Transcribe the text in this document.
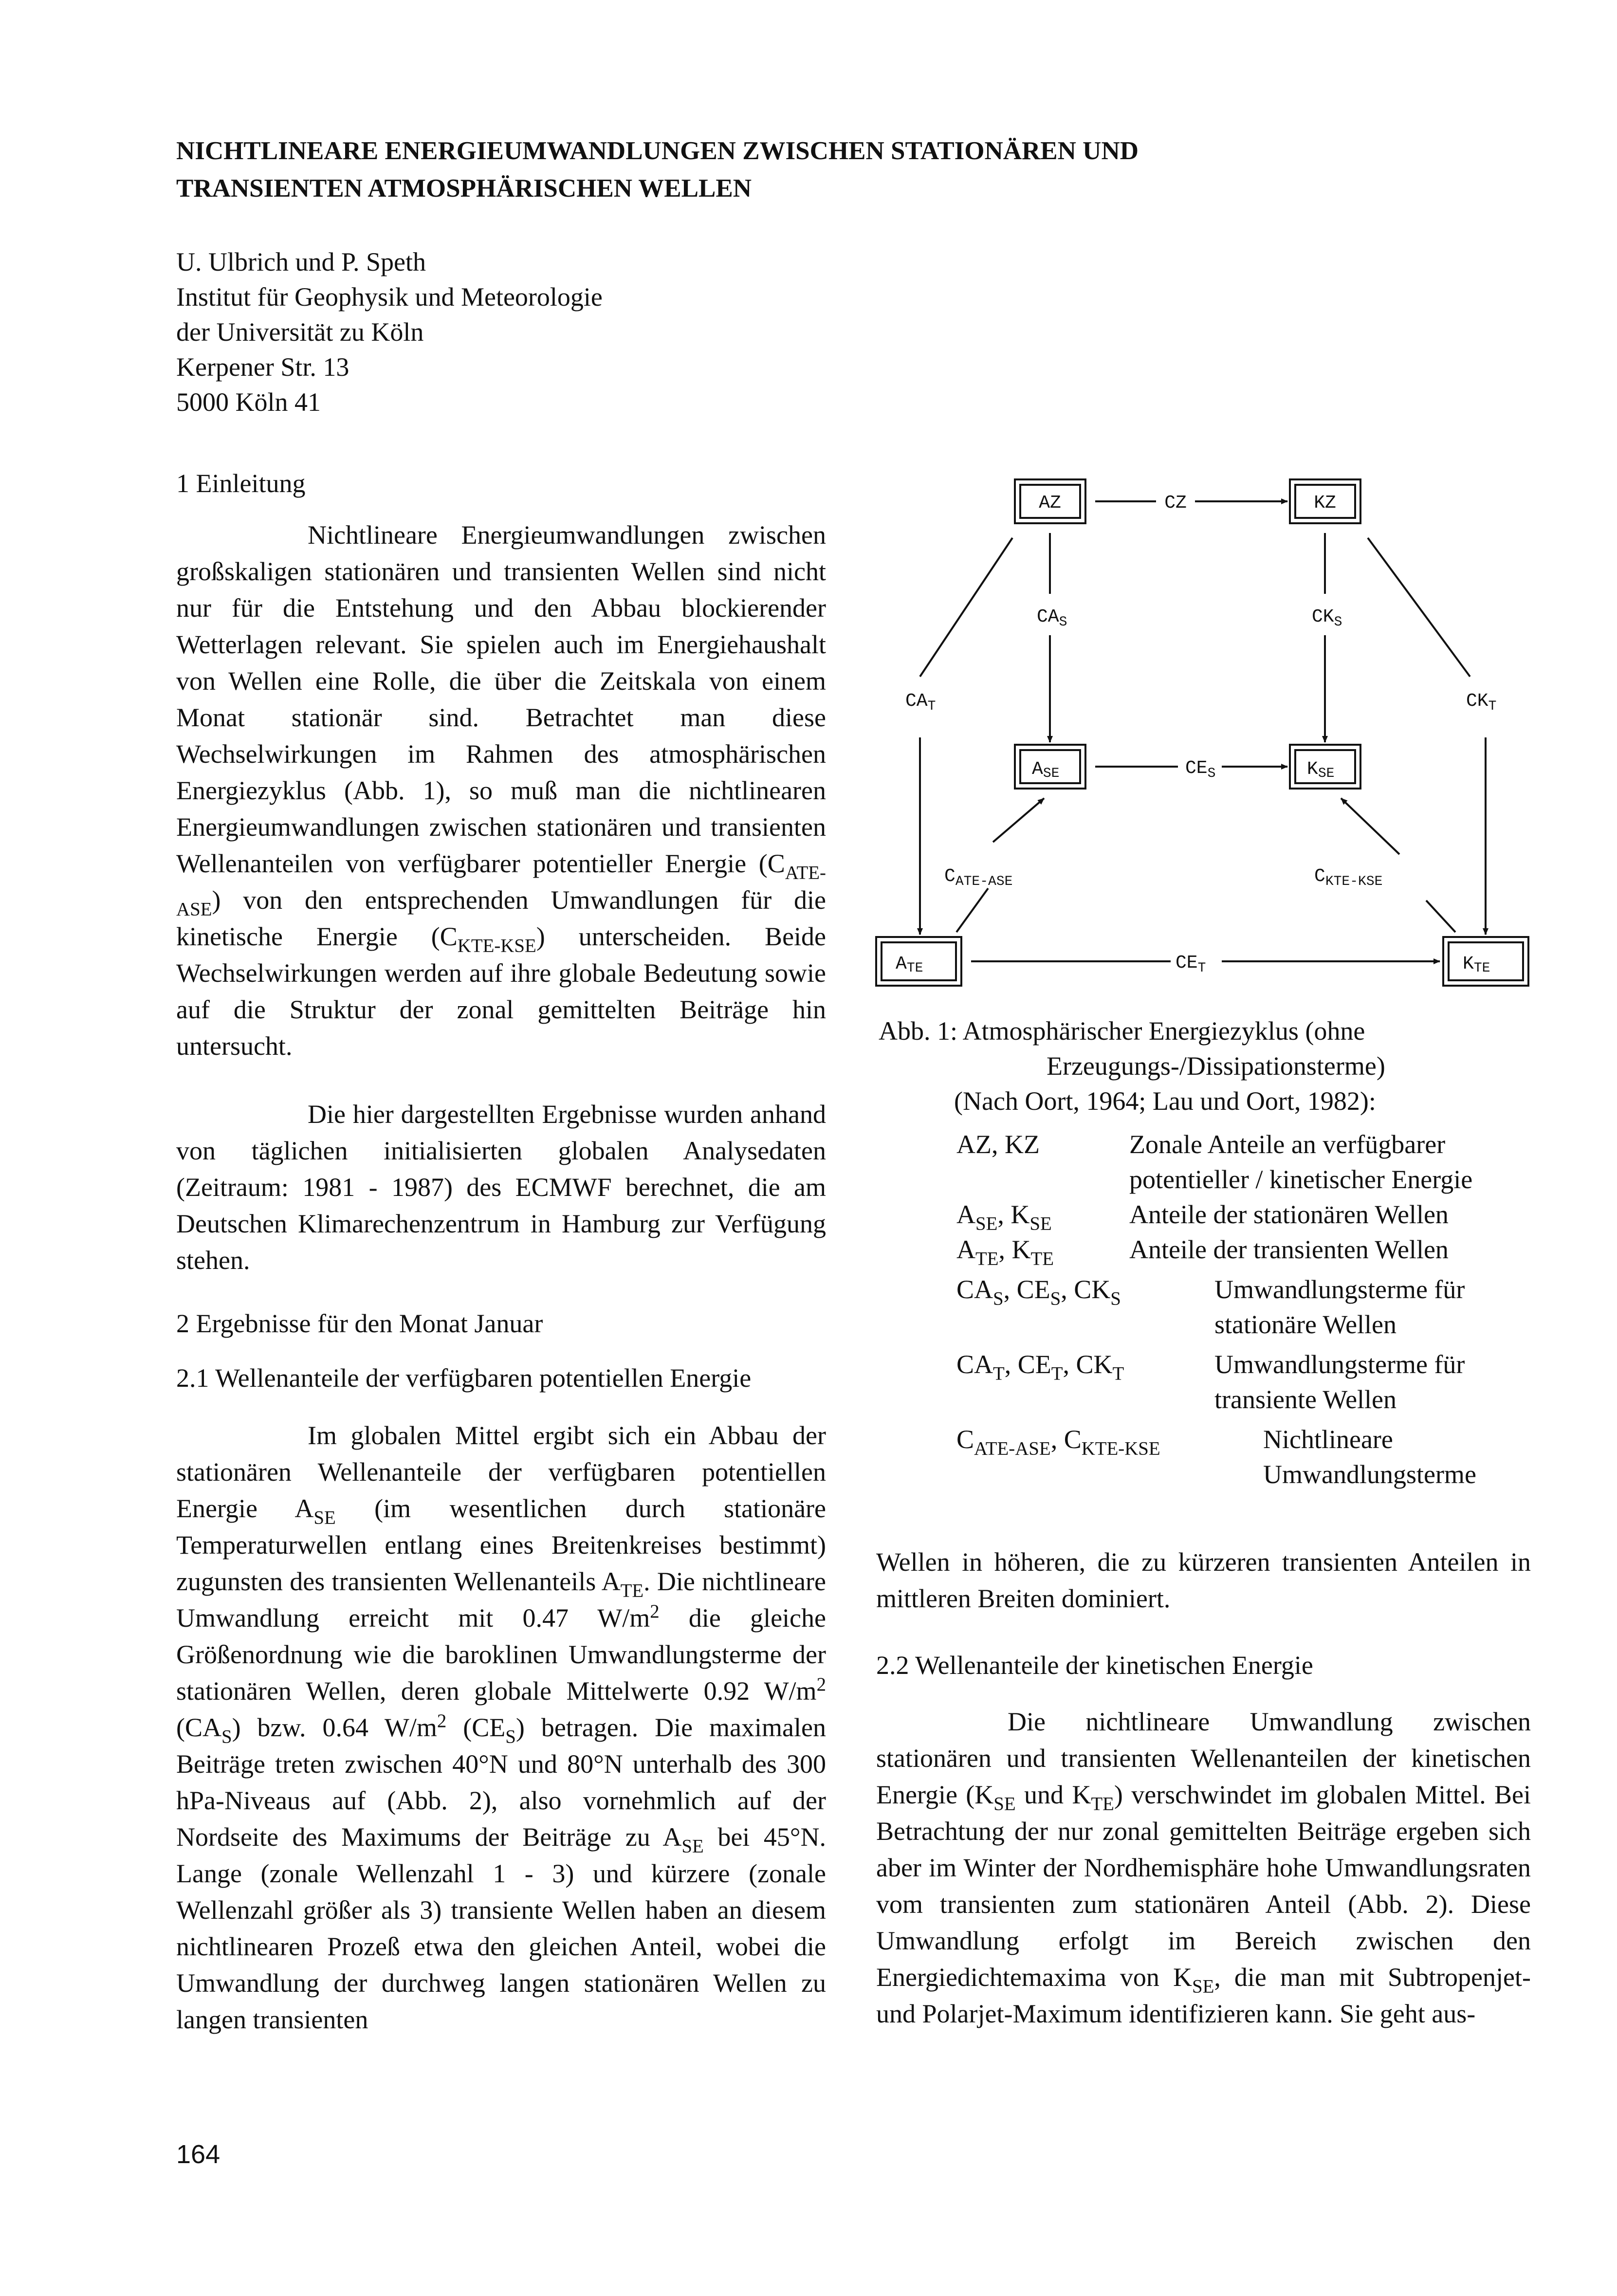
NICHTLINEARE ENERGIEUMWANDLUNGEN ZWISCHEN STATIONÄREN UND
TRANSIENTEN ATMOSPHÄRISCHEN WELLEN
U. Ulbrich und P. Speth
Institut für Geophysik und Meteorologie
der Universität zu Köln
Kerpener Str. 13
5000 Köln 41
1 Einleitung
Nichtlineare Energieumwandlungen zwischen großskaligen stationären und transienten Wellen sind nicht nur für die Entstehung und den Abbau blockierender Wetterlagen relevant. Sie spielen auch im Energiehaushalt von Wellen eine Rolle, die über die Zeitskala von einem Monat stationär sind. Betrachtet man diese Wechselwirkungen im Rahmen des atmosphärischen Energiezyklus (Abb. 1), so muß man die nichtlinearen Energieumwandlungen zwischen stationären und transienten Wellenanteilen von verfügbarer potentieller Energie $(C_{ATE-ASE})$ von den entsprechenden Umwandlungen für die kinetische Energie $(C_{KTE-KSE})$ unterscheiden. Beide Wechselwirkungen werden auf ihre globale Bedeutung sowie auf die Struktur der zonal gemittelten Beiträge hin untersucht.
Die hier dargestellten Ergebnisse wurden anhand von täglichen initialisierten globalen Analysedaten (Zeitraum: 1981 - 1987) des ECMWF berechnet, die am Deutschen Klimarechenzentrum in Hamburg zur Verfügung stehen.
2 Ergebnisse für den Monat Januar
2.1 Wellenanteile der verfügbaren potentiellen Energie
Im globalen Mittel ergibt sich ein Abbau der stationären Wellenanteile der verfügbaren potentiellen Energie $A_{SE}$ (im wesentlichen durch stationäre Temperaturwellen entlang eines Breitenkreises bestimmt) zugunsten des transienten Wellenanteils $A_{TE}$. Die nichtlineare Umwandlung erreicht mit 0.47 $W/m^2$ die gleiche Größenordnung wie die baroklinen Umwandlungsterme der stationären Wellen, deren globale Mittelwerte 0.92 $W/m^2$ $(CA_S)$ bzw. 0.64 $W/m^2$ $(CE_S)$ betragen. Die maximalen Beiträge treten zwischen 40°N und 80°N unterhalb des 300 hPa-Niveaus auf (Abb. 2), also vornehmlich auf der Nordseite des Maximums der Beiträge zu $A_{SE}$ bei 45°N. Lange (zonale Wellenzahl 1 - 3) und kürzere (zonale Wellenzahl größer als 3) transiente Wellen haben an diesem nichtlinearen Prozeß etwa den gleichen Anteil, wobei die Umwandlung der durchweg langen stationären Wellen zu langen transienten
AZ	KZ
ASE	KSE
ATE	KTE
CZ
$CA_S$	$CK_S$
$CE_S$
$CA_T$	$CK_T$
$C_{ATE-ASE}$	$C_{KTE-KSE}$
$CE_T$
Abb. 1: Atmosphärischer Energiezyklus (ohne
Erzeugungs-/Dissipationsterme)
(Nach Oort, 1964; Lau und Oort, 1982):
AZ, KZ	Zonale Anteile an verfügbarer
potentieller / kinetischer Energie
$A_{SE}$, $K_{SE}$	Anteile der stationären Wellen
$A_{TE}$, $K_{TE}$	Anteile der transienten Wellen
$CA_S$, $CE_S$, $CK_S$	Umwandlungsterme für
stationäre Wellen
$CA_T$, $CE_T$, $CK_T$	Umwandlungsterme für
transiente Wellen
$C_{ATE-ASE}$, $C_{KTE-KSE}$	Nichtlineare
Umwandlungsterme
Wellen in höheren, die zu kürzeren transienten Anteilen in mittleren Breiten dominiert.
2.2 Wellenanteile der kinetischen Energie
Die nichtlineare Umwandlung zwischen stationären und transienten Wellenanteilen der kinetischen Energie ($K_{SE}$ und $K_{TE}$) verschwindet im globalen Mittel. Bei Betrachtung der nur zonal gemittelten Beiträge ergeben sich aber im Winter der Nordhemisphäre hohe Umwandlungsraten vom transienten zum stationären Anteil (Abb. 2). Diese Umwandlung erfolgt im Bereich zwischen den Energiedichtemaxima von $K_{SE}$, die man mit Subtropenjet- und Polarjet-Maximum identifizieren kann. Sie geht aus-
164
